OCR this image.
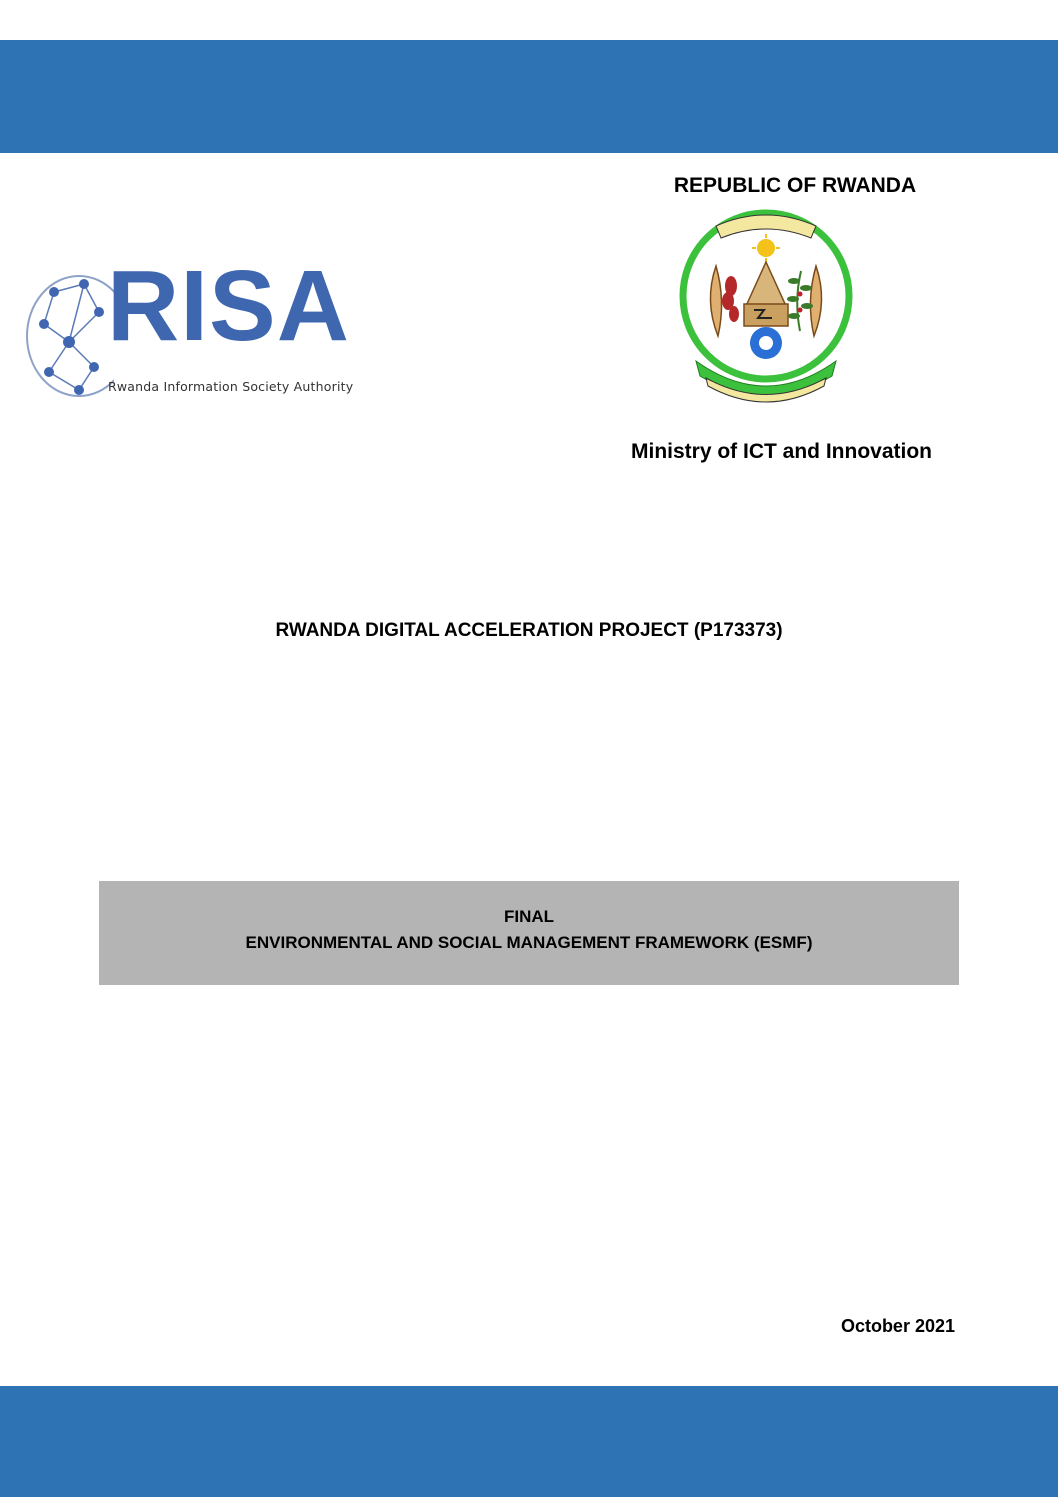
REPUBLIC OF RWANDA
Ministry of ICT and Innovation
RISA
Rwanda Information Society Authority
RWANDA DIGITAL ACCELERATION PROJECT (P173373)
FINAL
ENVIRONMENTAL AND SOCIAL MANAGEMENT FRAMEWORK (ESMF)
October 2021
